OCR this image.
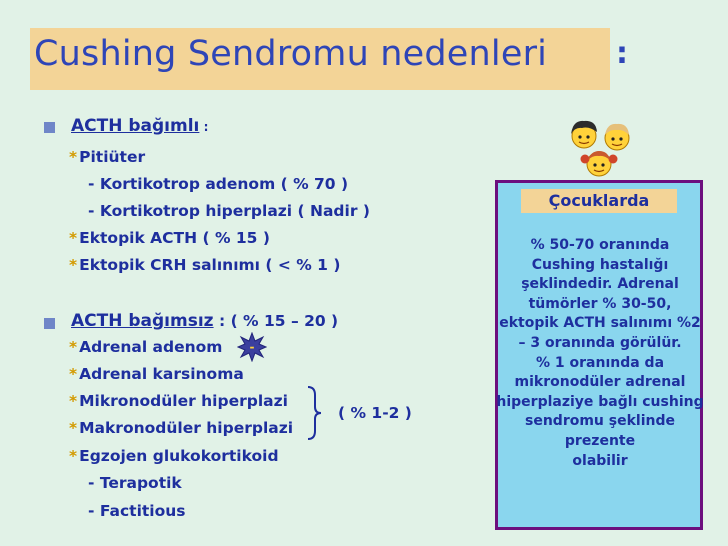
Cushing Sendromu nedenleri :
ACTH bağımlı :
* Pitiüter
- Kortikotrop adenom ( % 70 )
- Kortikotrop hiperplazi ( Nadir )
* Ektopik ACTH ( % 15 )
* Ektopik CRH salınımı ( < % 1 )
ACTH bağımsız : ( % 15 – 20 )
* Adrenal adenom -
* Adrenal karsinoma
* Mikronodüler hiperplazi
* Makronodüler hiperplazi
( % 1-2 )
* Egzojen glukokortikoid
- Terapotik
- Factitious
Çocuklarda
% 50-70 oranında
Cushing hastalığı
şeklindedir. Adrenal
tümörler % 30-50,
ektopik ACTH salınımı %2
– 3 oranında görülür.
% 1 oranında da
mikronodüler adrenal
hiperplaziye bağlı cushing
sendromu şeklinde
prezente
olabilir
